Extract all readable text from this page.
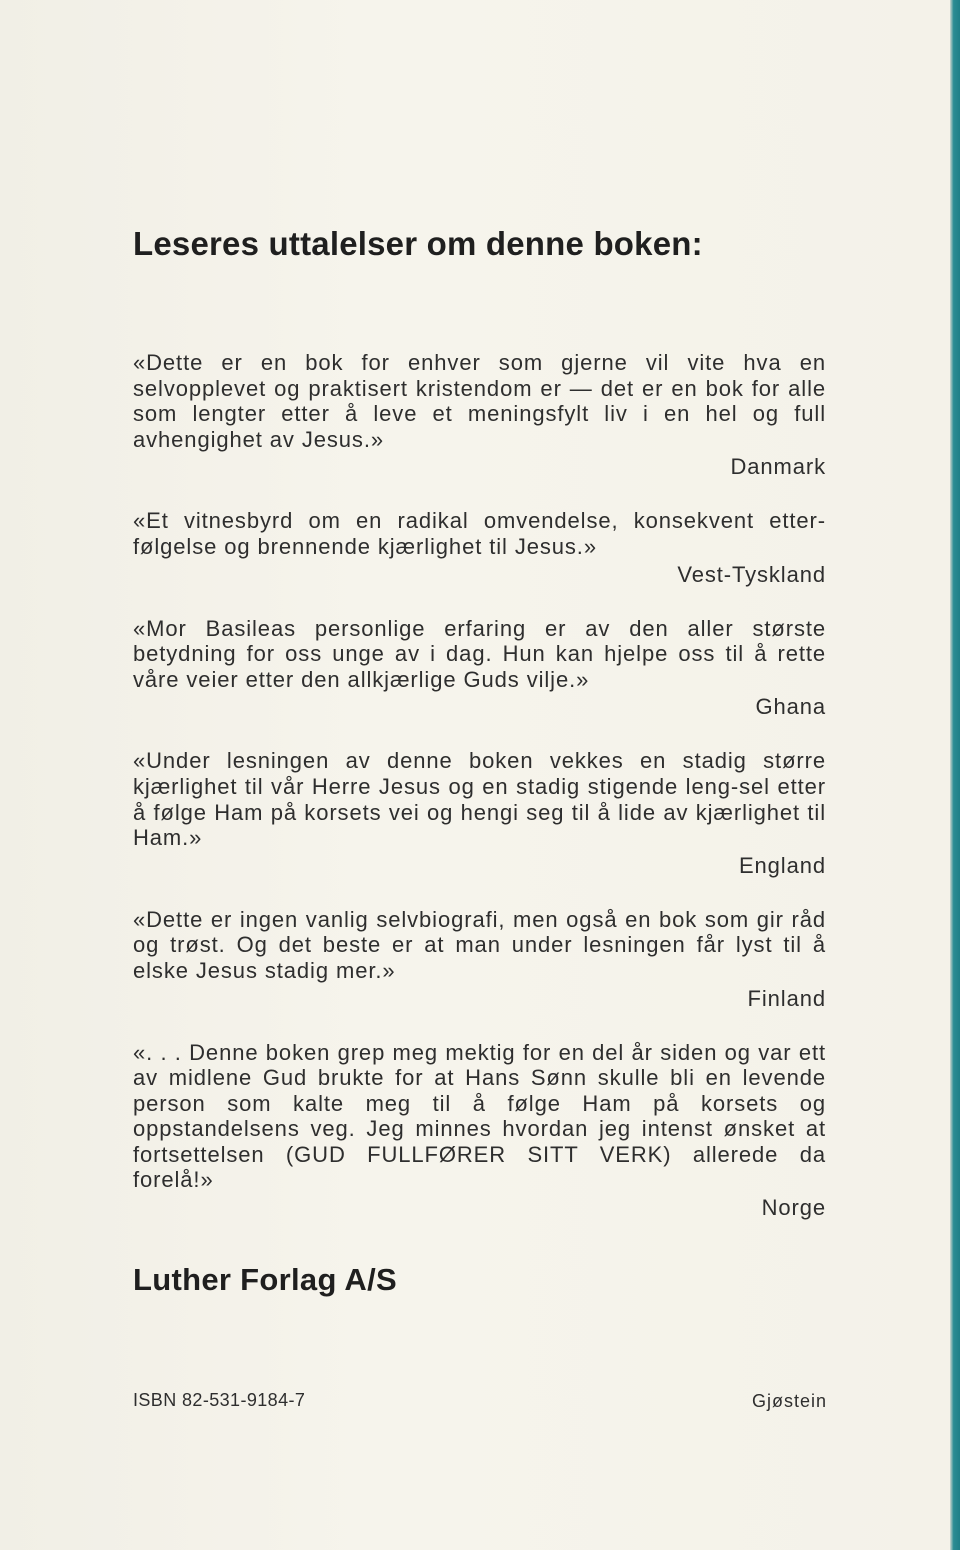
Leseres uttalelser om denne boken:
«Dette er en bok for enhver som gjerne vil vite hva en selvopplevet og praktisert kristendom er — det er en bok for alle som lengter etter å leve et meningsfylt liv i en hel og full avhengighet av Jesus.»
Danmark
«Et vitnesbyrd om en radikal omvendelse, konsekvent etter-følgelse og brennende kjærlighet til Jesus.»
Vest-Tyskland
«Mor Basileas personlige erfaring er av den aller største betydning for oss unge av i dag. Hun kan hjelpe oss til å rette våre veier etter den allkjærlige Guds vilje.»
Ghana
«Under lesningen av denne boken vekkes en stadig større kjærlighet til vår Herre Jesus og en stadig stigende leng-sel etter å følge Ham på korsets vei og hengi seg til å lide av kjærlighet til Ham.»
England
«Dette er ingen vanlig selvbiografi, men også en bok som gir råd og trøst. Og det beste er at man under lesningen får lyst til å elske Jesus stadig mer.»
Finland
«. . . Denne boken grep meg mektig for en del år siden og var ett av midlene Gud brukte for at Hans Sønn skulle bli en levende person som kalte meg til å følge Ham på korsets og oppstandelsens veg. Jeg minnes hvordan jeg intenst ønsket at fortsettelsen (GUD FULLFØRER SITT VERK) allerede da forelå!»
Norge
Luther Forlag A/S
ISBN 82-531-9184-7	Gjøstein
